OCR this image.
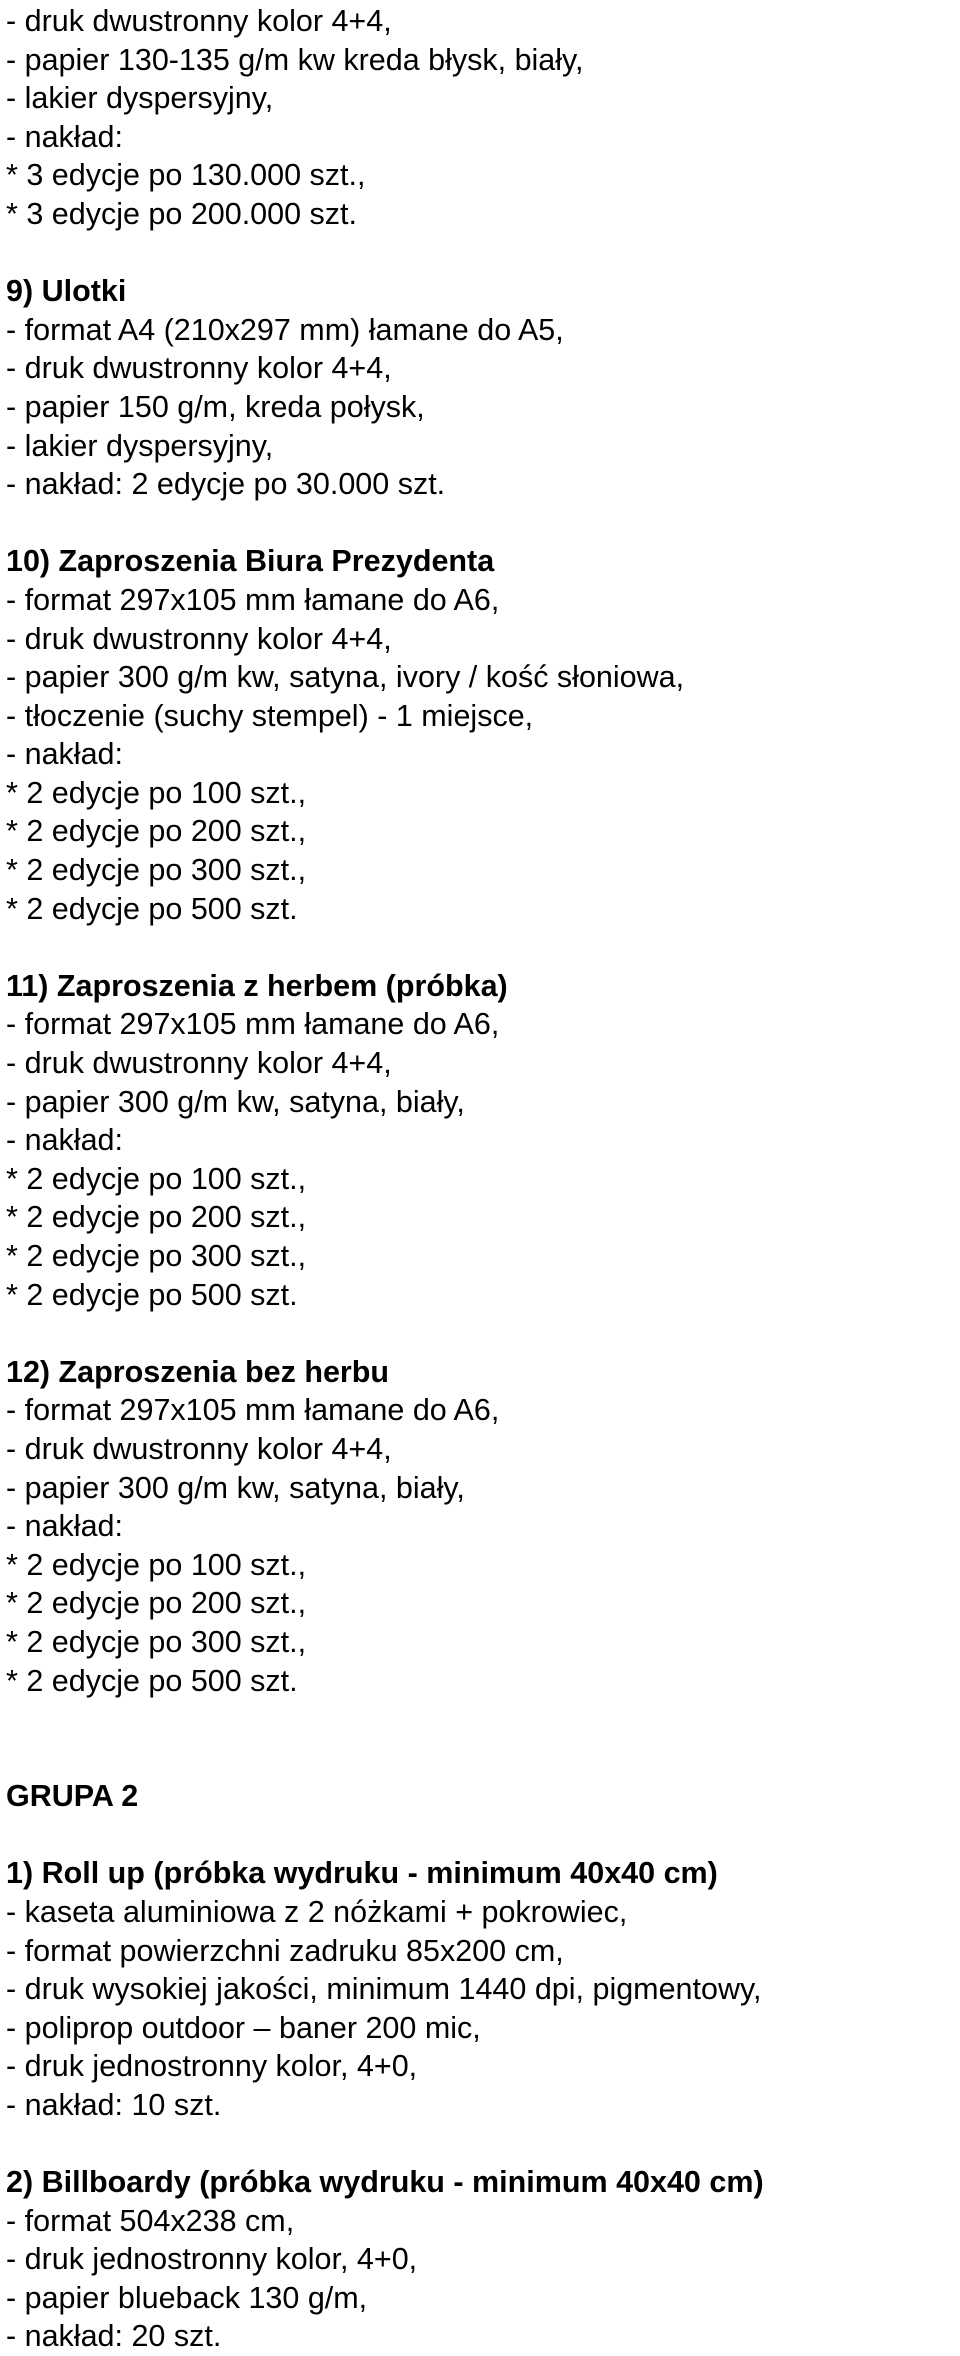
- druk dwustronny kolor 4+4,
- papier 130-135 g/m kw kreda błysk, biały,
- lakier dyspersyjny,
- nakład:
* 3 edycje po 130.000 szt.,
* 3 edycje po 200.000 szt.
9) Ulotki
- format A4 (210x297 mm) łamane do A5,
- druk dwustronny kolor 4+4,
- papier 150 g/m, kreda połysk,
- lakier dyspersyjny,
- nakład: 2 edycje po 30.000 szt.
10) Zaproszenia Biura Prezydenta
- format 297x105 mm łamane do A6,
- druk dwustronny kolor 4+4,
- papier 300 g/m kw, satyna, ivory / kość słoniowa,
- tłoczenie (suchy stempel) - 1 miejsce,
- nakład:
* 2 edycje po 100 szt.,
* 2 edycje po 200 szt.,
* 2 edycje po 300 szt.,
* 2 edycje po 500 szt.
11) Zaproszenia z herbem (próbka)
- format 297x105 mm łamane do A6,
- druk dwustronny kolor 4+4,
- papier 300 g/m kw, satyna, biały,
- nakład:
* 2 edycje po 100 szt.,
* 2 edycje po 200 szt.,
* 2 edycje po 300 szt.,
* 2 edycje po 500 szt.
12) Zaproszenia bez herbu
- format 297x105 mm łamane do A6,
- druk dwustronny kolor 4+4,
- papier 300 g/m kw, satyna, biały,
- nakład:
* 2 edycje po 100 szt.,
* 2 edycje po 200 szt.,
* 2 edycje po 300 szt.,
* 2 edycje po 500 szt.
GRUPA 2
1) Roll up (próbka wydruku - minimum 40x40 cm)
- kaseta aluminiowa z 2 nóżkami + pokrowiec,
- format powierzchni zadruku 85x200 cm,
- druk wysokiej jakości, minimum 1440 dpi, pigmentowy,
- poliprop outdoor – baner 200 mic,
- druk jednostronny kolor, 4+0,
- nakład: 10 szt.
2) Billboardy (próbka wydruku - minimum 40x40 cm)
- format 504x238 cm,
- druk jednostronny kolor, 4+0,
- papier blueback 130 g/m,
- nakład: 20 szt.
